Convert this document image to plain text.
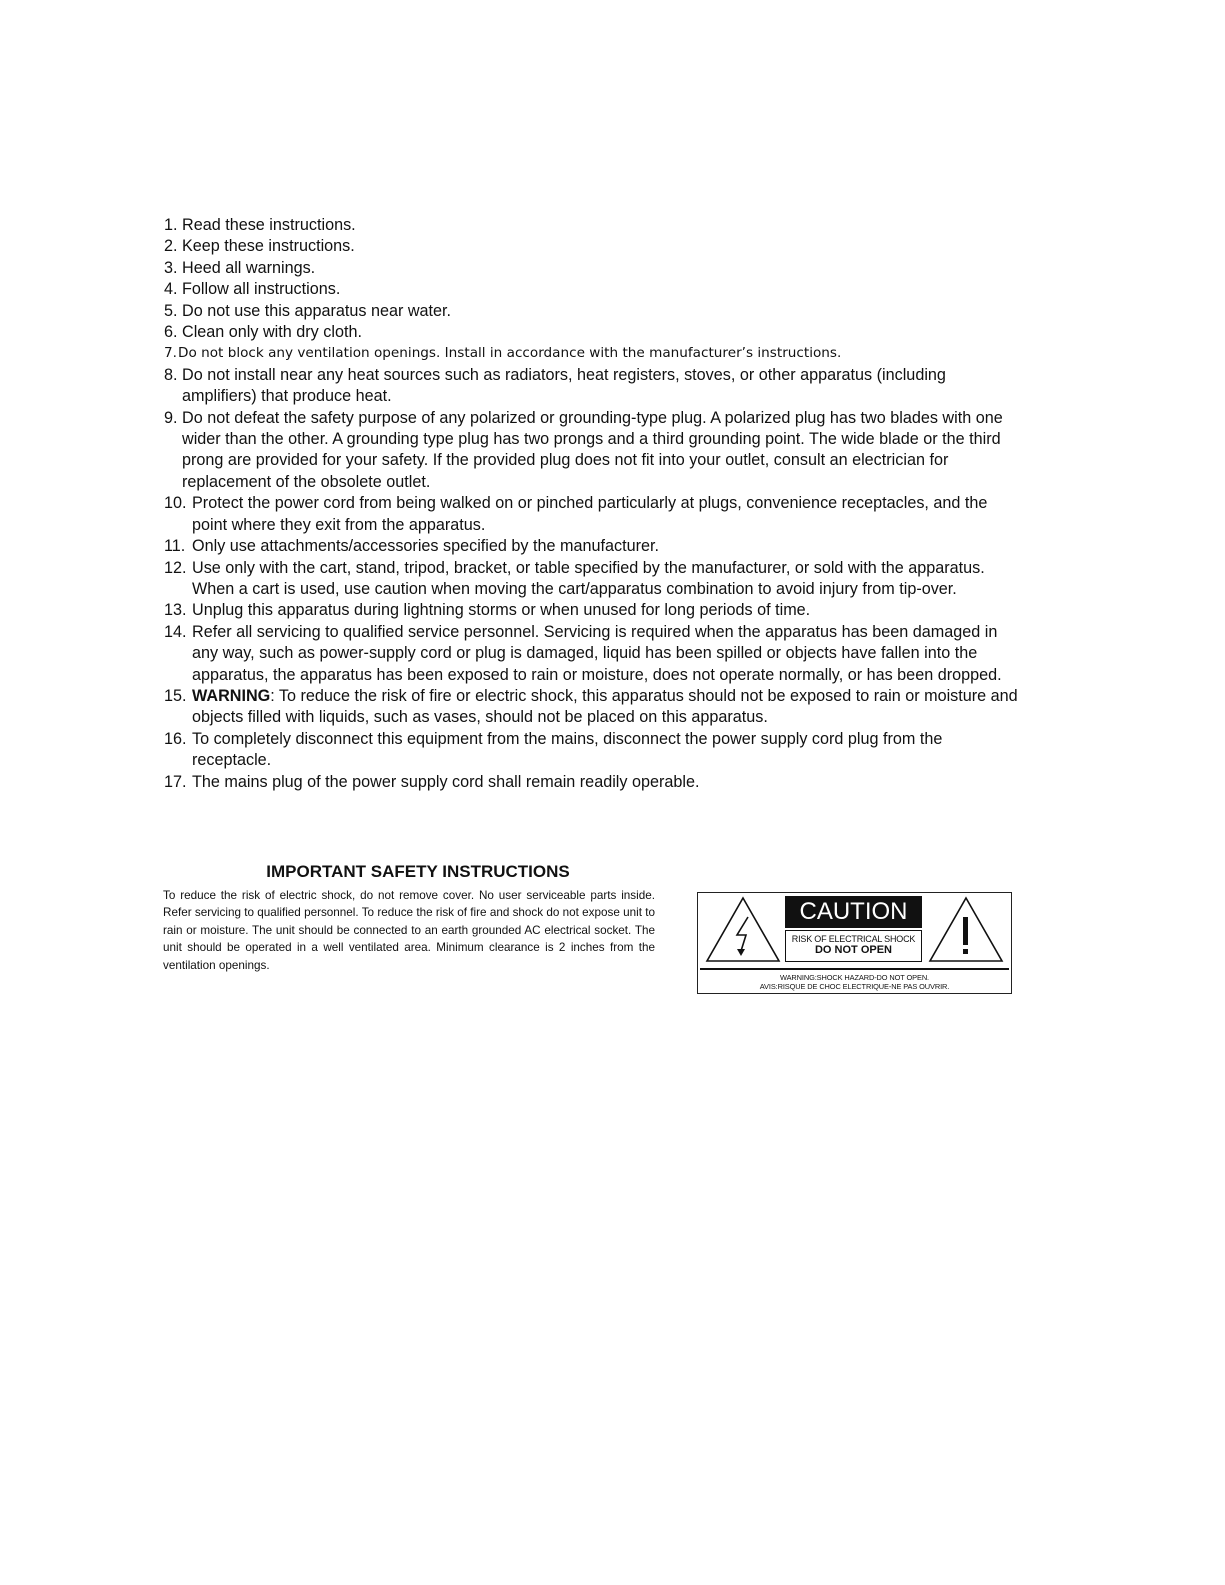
1. Read these instructions.
2. Keep these instructions.
3. Heed all warnings.
4. Follow all instructions.
5. Do not use this apparatus near water.
6. Clean only with dry cloth.
7. Do not block any ventilation openings. Install in accordance with the manufacturer’s instructions.
8. Do not install near any heat sources such as radiators, heat registers, stoves, or other apparatus (including amplifiers) that produce heat.
9. Do not defeat the safety purpose of any polarized or grounding-type plug. A polarized plug has two blades with one wider than the other. A grounding type plug has two prongs and a third grounding point. The wide blade or the third prong are provided for your safety. If the provided plug does not fit into your outlet, consult an electrician for replacement of the obsolete outlet.
10. Protect the power cord from being walked on or pinched particularly at plugs, convenience receptacles, and the point where they exit from the apparatus.
11. Only use attachments/accessories specified by the manufacturer.
12. Use only with the cart, stand, tripod, bracket, or table specified by the manufacturer, or sold with the apparatus. When a cart is used, use caution when moving the cart/apparatus combination to avoid injury from tip-over.
13. Unplug this apparatus during lightning storms or when unused for long periods of time.
14. Refer all servicing to qualified service personnel. Servicing is required when the apparatus has been damaged in any way, such as power-supply cord or plug is damaged, liquid has been spilled or objects have fallen into the apparatus, the apparatus has been exposed to rain or moisture, does not operate normally, or has been dropped.
15. WARNING: To reduce the risk of fire or electric shock, this apparatus should not be exposed to rain or moisture and objects filled with liquids, such as vases, should not be placed on this apparatus.
16. To completely disconnect this equipment from the mains, disconnect the power supply cord plug from the receptacle.
17. The mains plug of the power supply cord shall remain readily operable.
IMPORTANT SAFETY INSTRUCTIONS
To reduce the risk of electric shock, do not remove cover. No user serviceable parts inside. Refer servicing to qualified personnel. To reduce the risk of fire and shock do not expose unit to rain or moisture. The unit should be connected to an earth grounded AC electrical socket. The unit should be operated in a well ventilated area. Minimum clearance is 2 inches from the ventilation openings.
CAUTION
RISK OF ELECTRICAL SHOCK
DO NOT OPEN
WARNING:SHOCK HAZARD-DO NOT OPEN.
AVIS:RISQUE DE CHOC ELECTRIQUE-NE PAS OUVRIR.
